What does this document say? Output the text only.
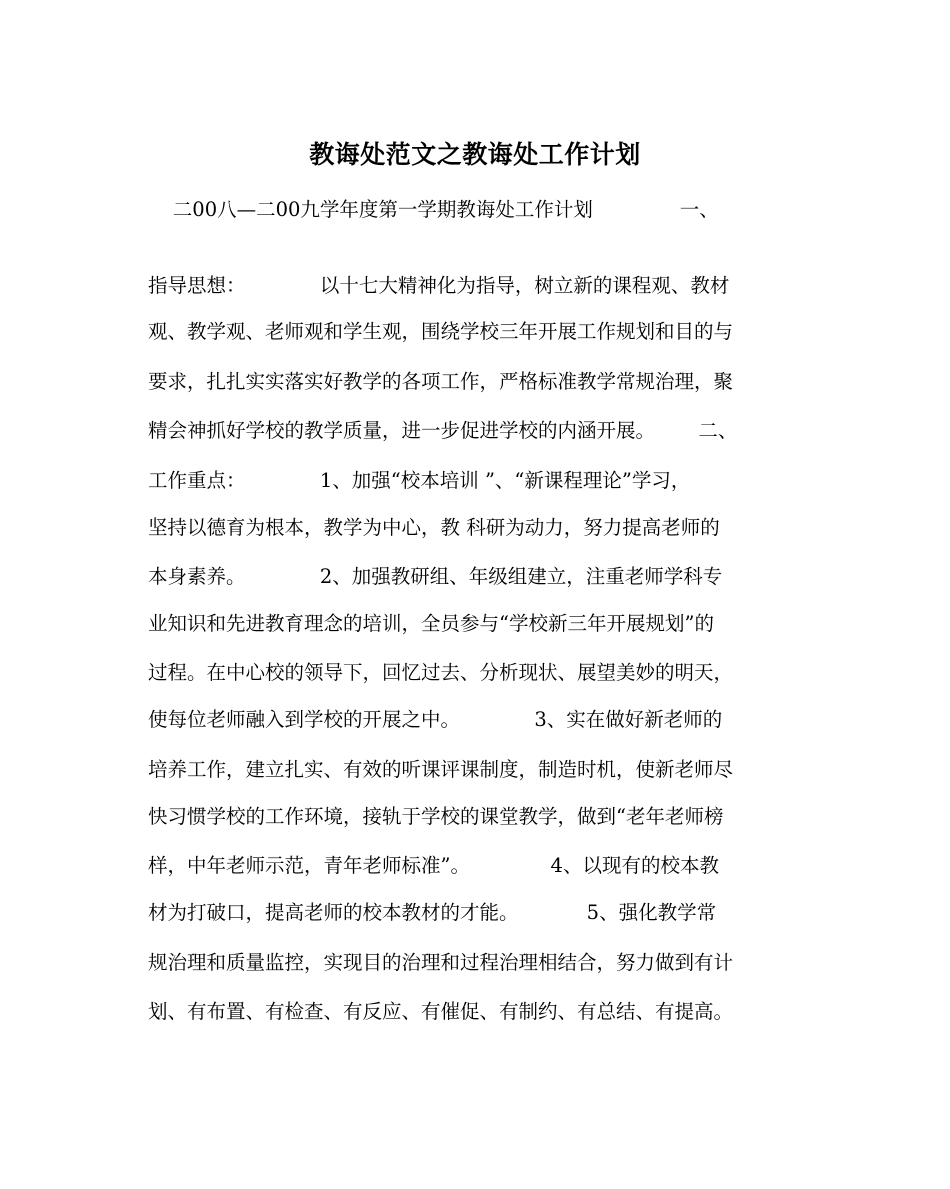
教诲处范文之教诲处工作计划
二00八—二00九学年度第一学期教诲处工作计划              一、
指导思想：            以十七大精神化为指导，树立新的课程观、教材
观、教学观、老师观和学生观，围绕学校三年开展工作规划和目的与
要求，扎扎实实落实好教学的各项工作，严格标准教学常规治理，聚
精会神抓好学校的教学质量，进一步促进学校的内涵开展。       二、
工作重点：            1、加强“校本培训 ”、“新课程理论”学习，
坚持以德育为根本，教学为中心，教 科研为动力，努力提高老师的
本身素养。            2、加强教研组、年级组建立，注重老师学科专
业知识和先进教育理念的培训，全员参与“学校新三年开展规划”的
过程。在中心校的领导下，回忆过去、分析现状、展望美妙的明天，
使每位老师融入到学校的开展之中。            3、实在做好新老师的
培养工作，建立扎实、有效的听课评课制度，制造时机，使新老师尽
快习惯学校的工作环境，接轨于学校的课堂教学，做到“老年老师榜
样，中年老师示范，青年老师标准”。             4、以现有的校本教
材为打破口，提高老师的校本教材的才能。           5、强化教学常
规治理和质量监控，实现目的治理和过程治理相结合，努力做到有计
划、有布置、有检查、有反应、有催促、有制约、有总结、有提高。
